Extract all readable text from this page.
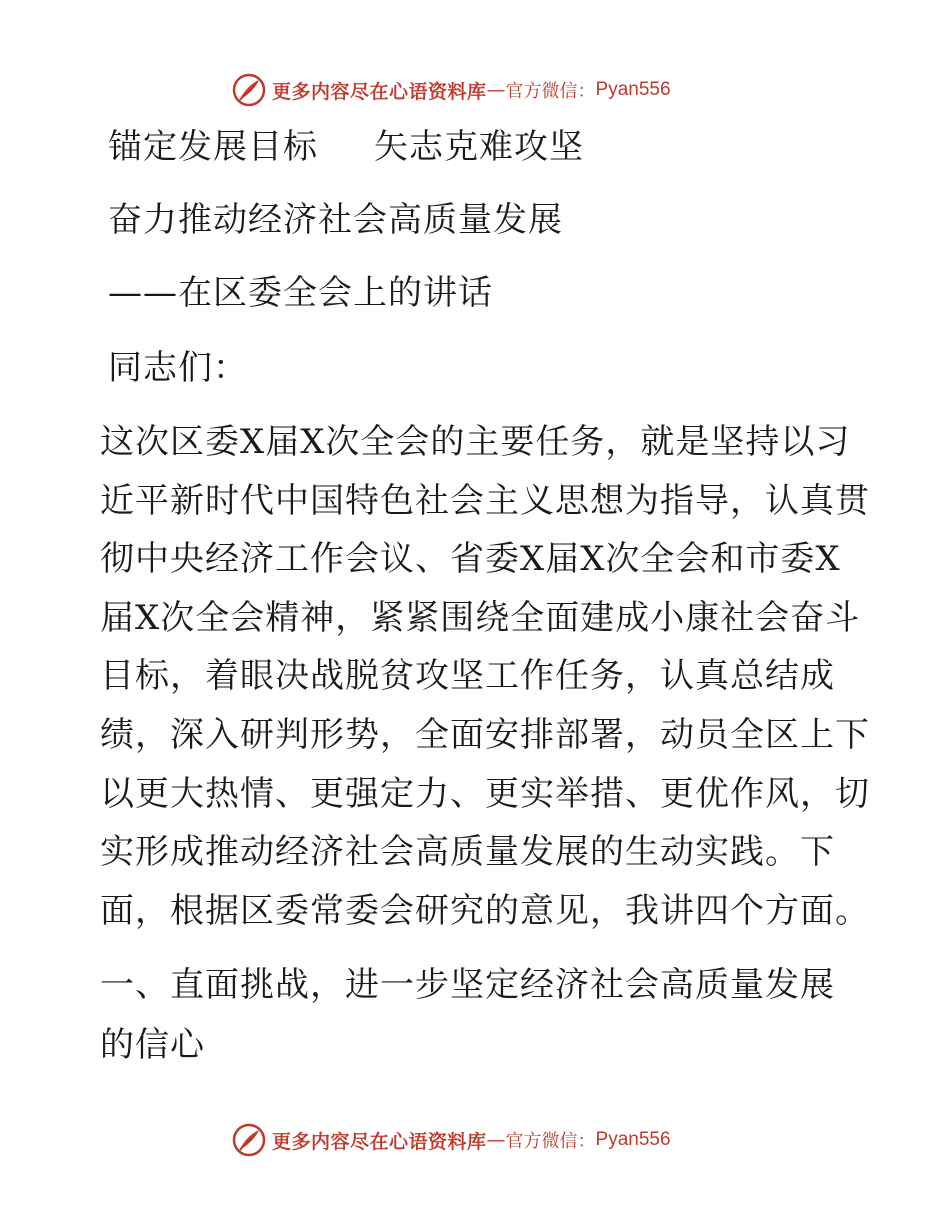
更多内容尽在心语资料库 — 官方微信： Pyan556
锚定发展目标 矢志克难攻坚
奋力推动经济社会高质量发展
——在区委全会上的讲话
同志们：
这次区委Ⅹ届Ⅹ次全会的主要任务，就是坚持以习
近平新时代中国特色社会主义思想为指导，认真贯
彻中央经济工作会议、省委Ⅹ届Ⅹ次全会和市委Ⅹ
届Ⅹ次全会精神，紧紧围绕全面建成小康社会奋斗
目标，着眼决战脱贫攻坚工作任务，认真总结成
绩，深入研判形势，全面安排部署，动员全区上下
以更大热情、更强定力、更实举措、更优作风，切
实形成推动经济社会高质量发展的生动实践。下
面，根据区委常委会研究的意见，我讲四个方面。
一、直面挑战，进一步坚定经济社会高质量发展
的信心
更多内容尽在心语资料库 — 官方微信： Pyan556
